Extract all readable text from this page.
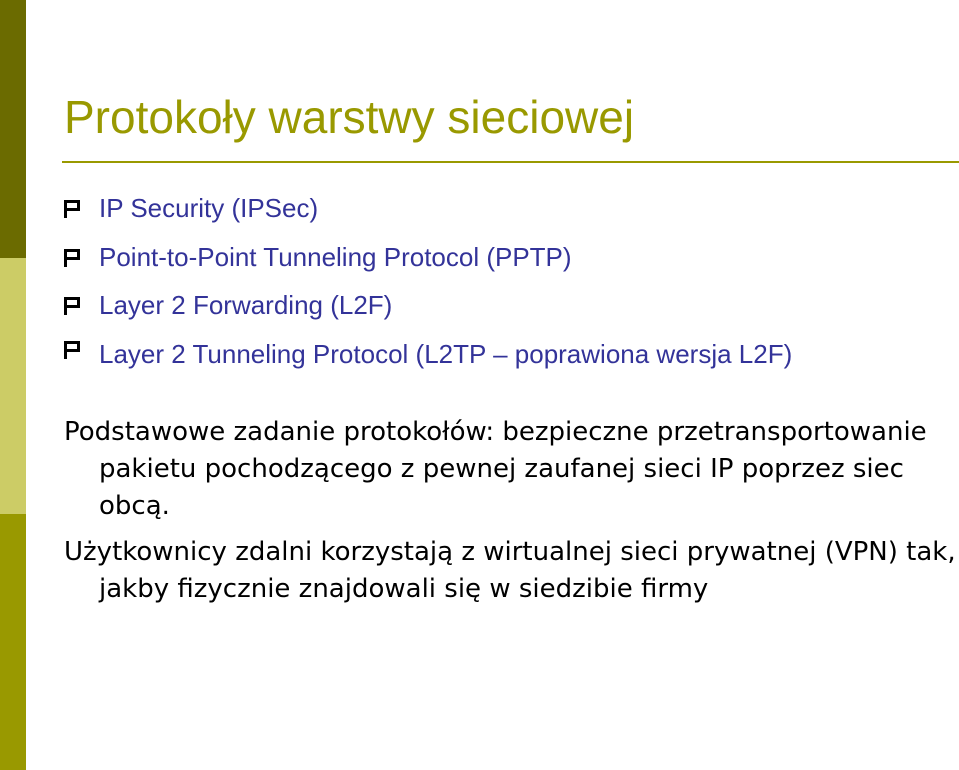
Protokoły warstwy sieciowej
IP Security (IPSec)
Point-to-Point Tunneling Protocol (PPTP)
Layer 2 Forwarding (L2F)
Layer 2 Tunneling Protocol (L2TP – poprawiona wersja L2F)

Podstawowe zadanie protokołów: bezpieczne przetransportowanie pakietu pochodzącego z pewnej zaufanej sieci IP poprzez siec obcą.

Użytkownicy zdalni korzystają z wirtualnej sieci prywatnej (VPN) tak, jakby fizycznie znajdowali się w siedzibie firmy
